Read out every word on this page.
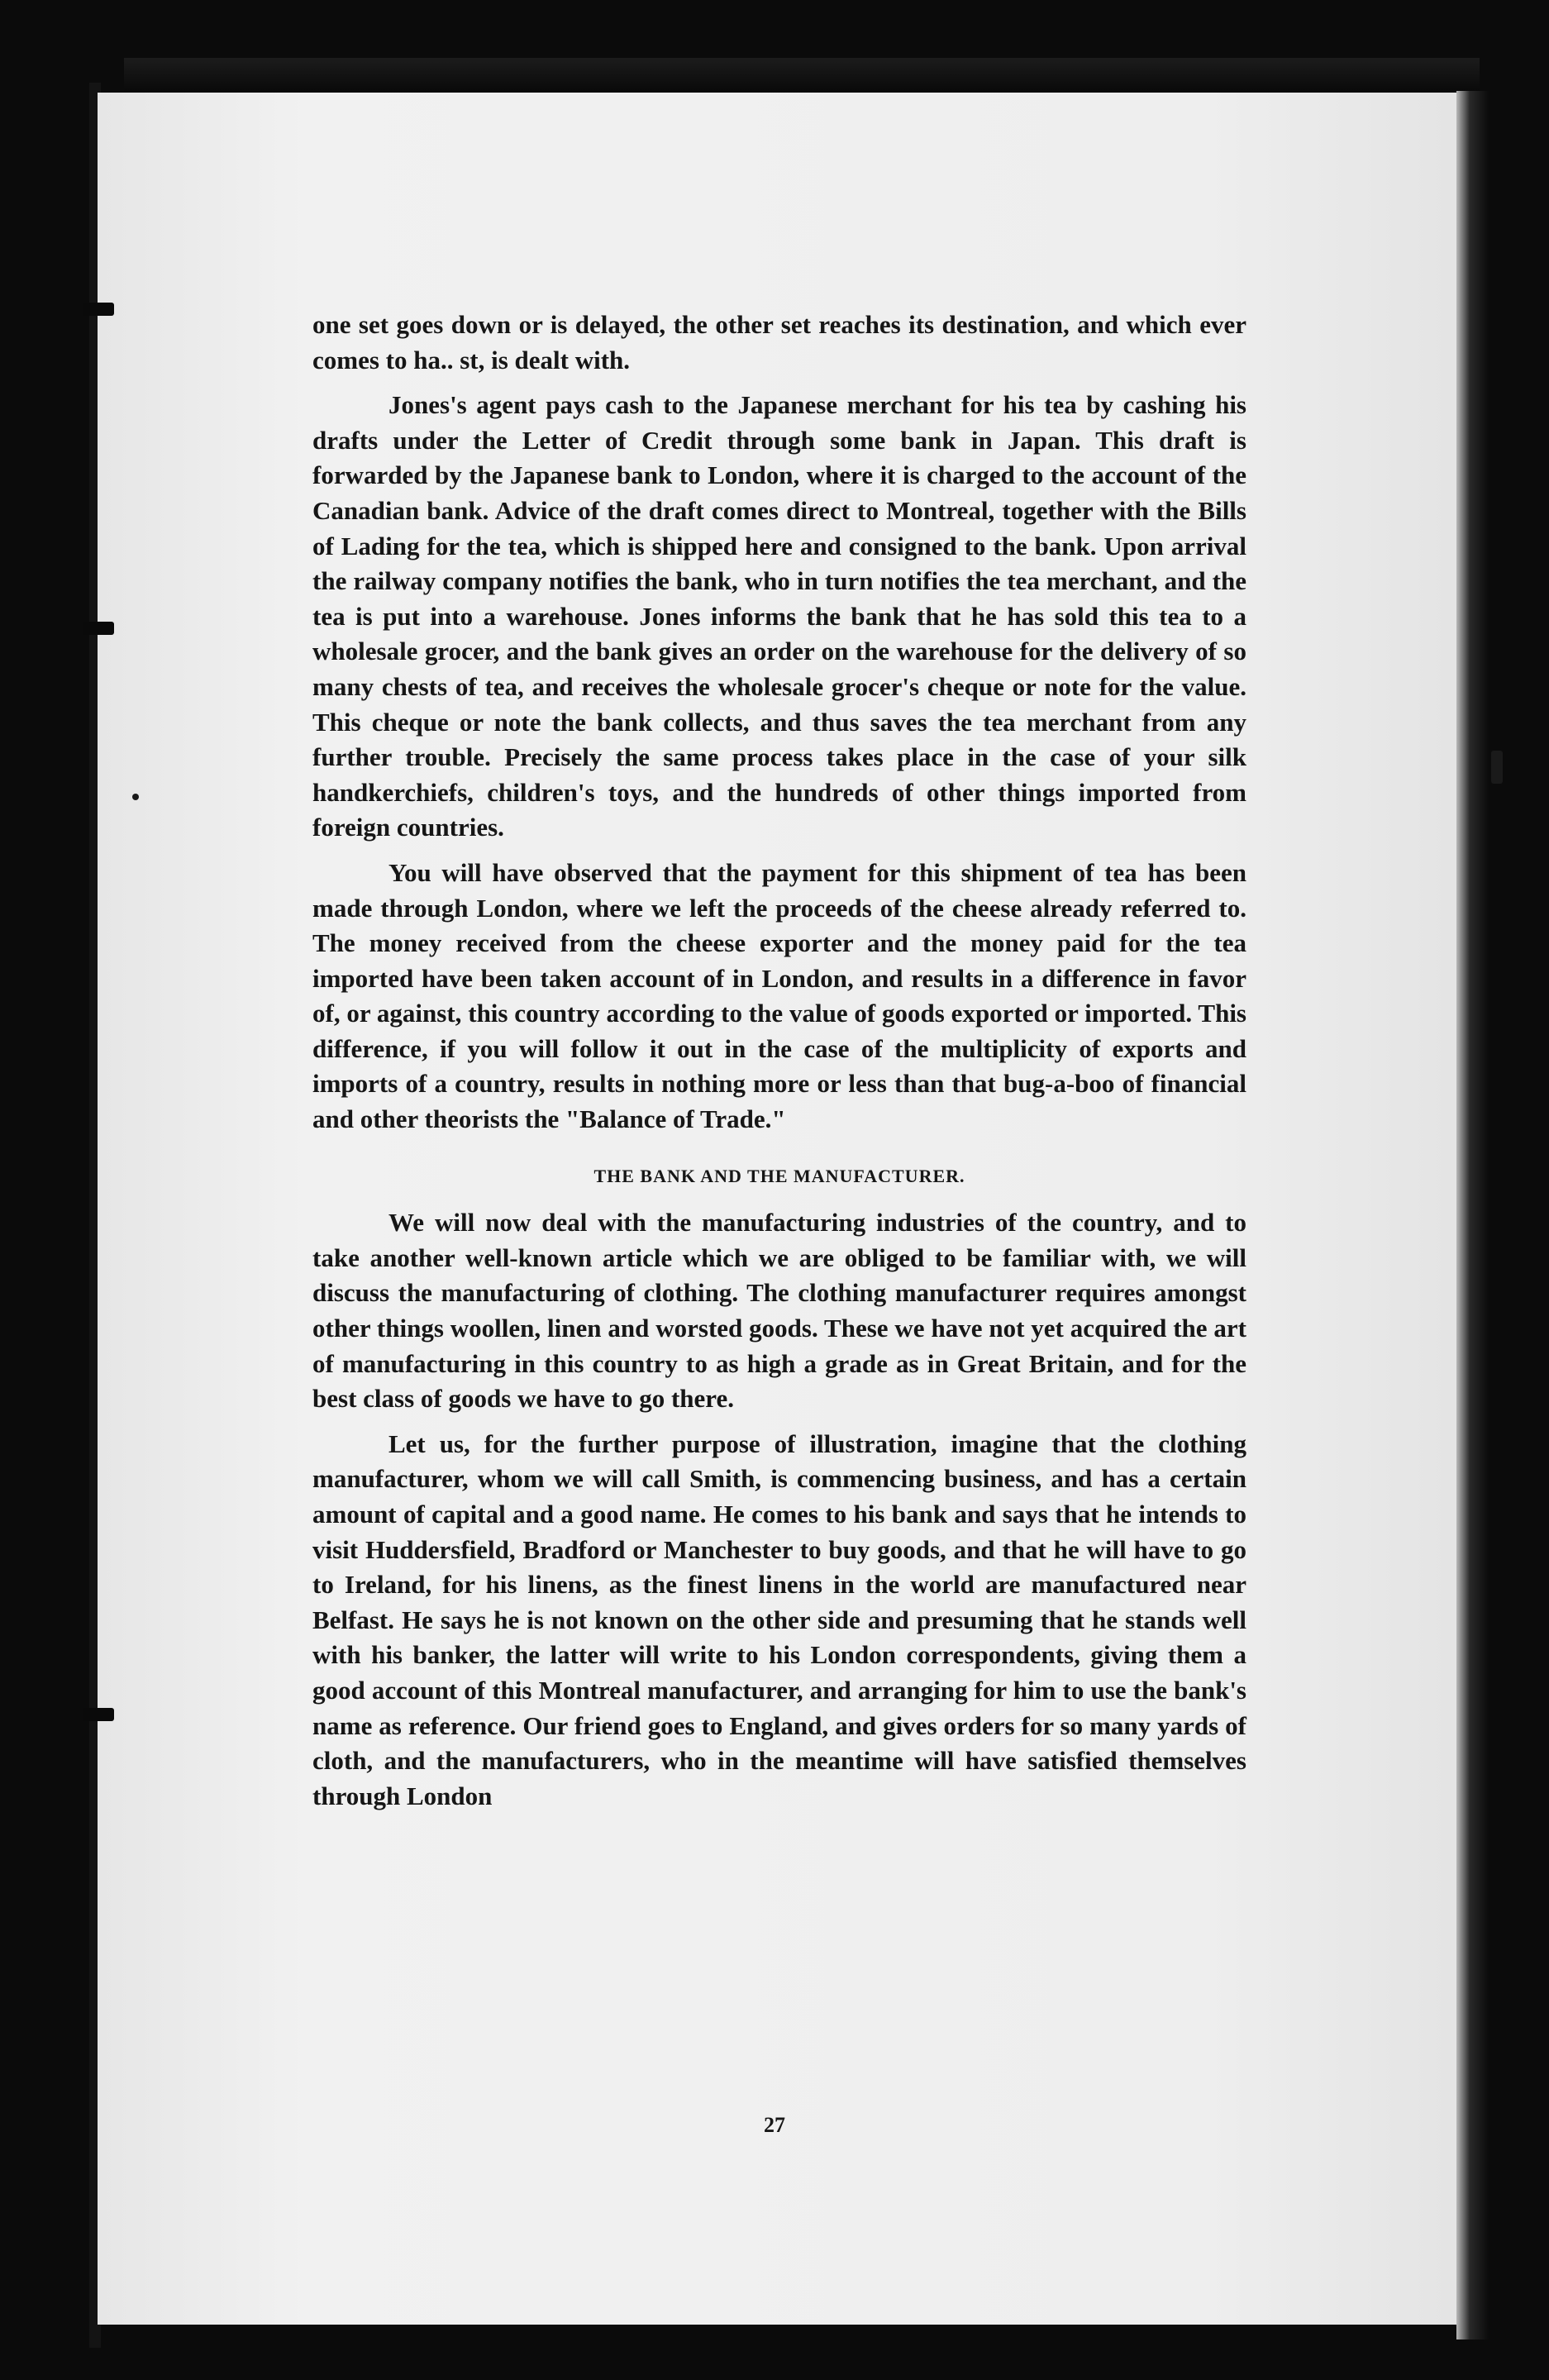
one set goes down or is delayed, the other set reaches its destination, and which ever comes to ha.. st, is dealt with.

Jones's agent pays cash to the Japanese merchant for his tea by cashing his drafts under the Letter of Credit through some bank in Japan. This draft is forwarded by the Japanese bank to London, where it is charged to the account of the Canadian bank. Advice of the draft comes direct to Montreal, together with the Bills of Lading for the tea, which is shipped here and consigned to the bank. Upon arrival the railway company notifies the bank, who in turn notifies the tea merchant, and the tea is put into a warehouse. Jones informs the bank that he has sold this tea to a wholesale grocer, and the bank gives an order on the warehouse for the delivery of so many chests of tea, and receives the wholesale grocer's cheque or note for the value. This cheque or note the bank collects, and thus saves the tea merchant from any further trouble. Precisely the same process takes place in the case of your silk handkerchiefs, children's toys, and the hundreds of other things imported from foreign countries.

You will have observed that the payment for this shipment of tea has been made through London, where we left the proceeds of the cheese already referred to. The money received from the cheese exporter and the money paid for the tea imported have been taken account of in London, and results in a difference in favor of, or against, this country according to the value of goods exported or imported. This difference, if you will follow it out in the case of the multiplicity of exports and imports of a country, results in nothing more or less than that bug-a-boo of financial and other theorists the "Balance of Trade."

THE BANK AND THE MANUFACTURER.

We will now deal with the manufacturing industries of the country, and to take another well-known article which we are obliged to be familiar with, we will discuss the manufacturing of clothing. The clothing manufacturer requires amongst other things woollen, linen and worsted goods. These we have not yet acquired the art of manufacturing in this country to as high a grade as in Great Britain, and for the best class of goods we have to go there.

Let us, for the further purpose of illustration, imagine that the clothing manufacturer, whom we will call Smith, is commencing business, and has a certain amount of capital and a good name. He comes to his bank and says that he intends to visit Huddersfield, Bradford or Manchester to buy goods, and that he will have to go to Ireland, for his linens, as the finest linens in the world are manufactured near Belfast. He says he is not known on the other side and presuming that he stands well with his banker, the latter will write to his London correspondents, giving them a good account of this Montreal manufacturer, and arranging for him to use the bank's name as reference. Our friend goes to England, and gives orders for so many yards of cloth, and the manufacturers, who in the meantime will have satisfied themselves through London

27
